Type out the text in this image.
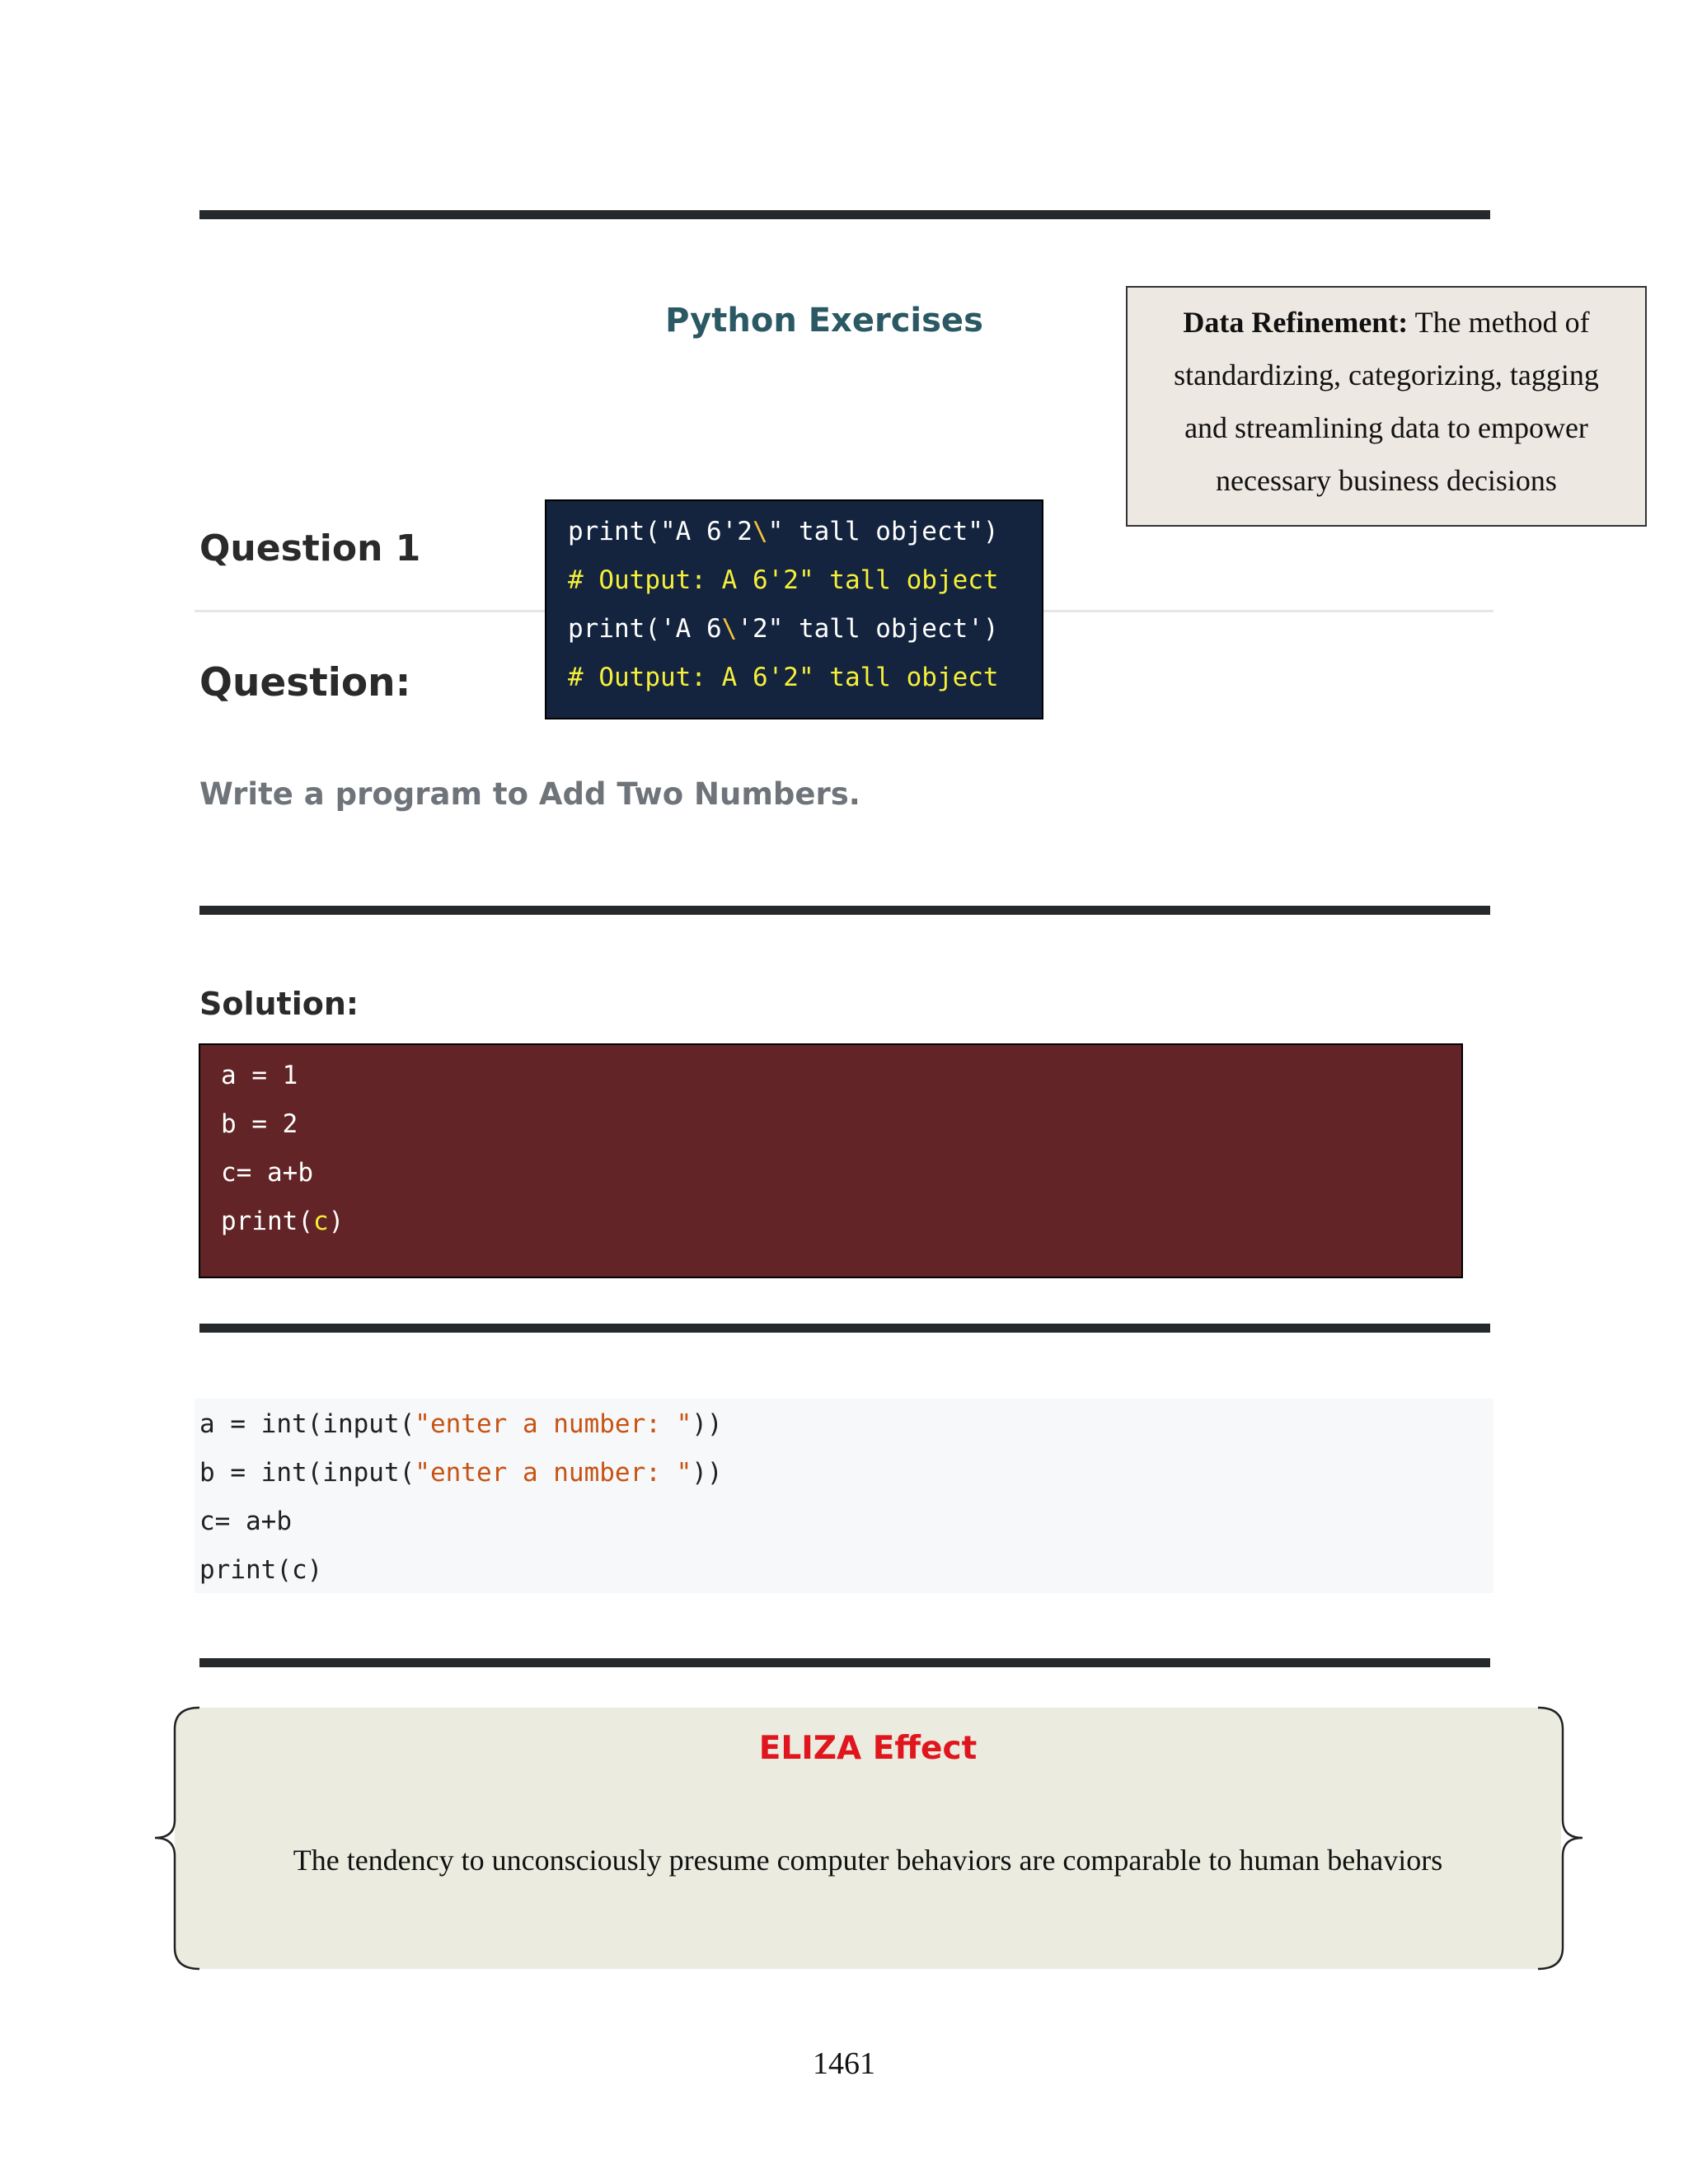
Python Exercises	Data Refinement: The method of
standardizing, categorizing, tagging
and streamlining data to empower
necessary business decisions
Question 1	print("A 6'2\" tall object")
# Output: A 6'2" tall object
print('A 6\'2" tall object')
# Output: A 6'2" tall object
Question:
Write a program to Add Two Numbers.
Solution:
a = 1
b = 2
c= a+b
print(c)
a = int(input("enter a number: "))
b = int(input("enter a number: "))
c= a+b
print(c)
ELIZA Effect
The tendency to unconsciously presume computer behaviors are comparable to human behaviors
1461
